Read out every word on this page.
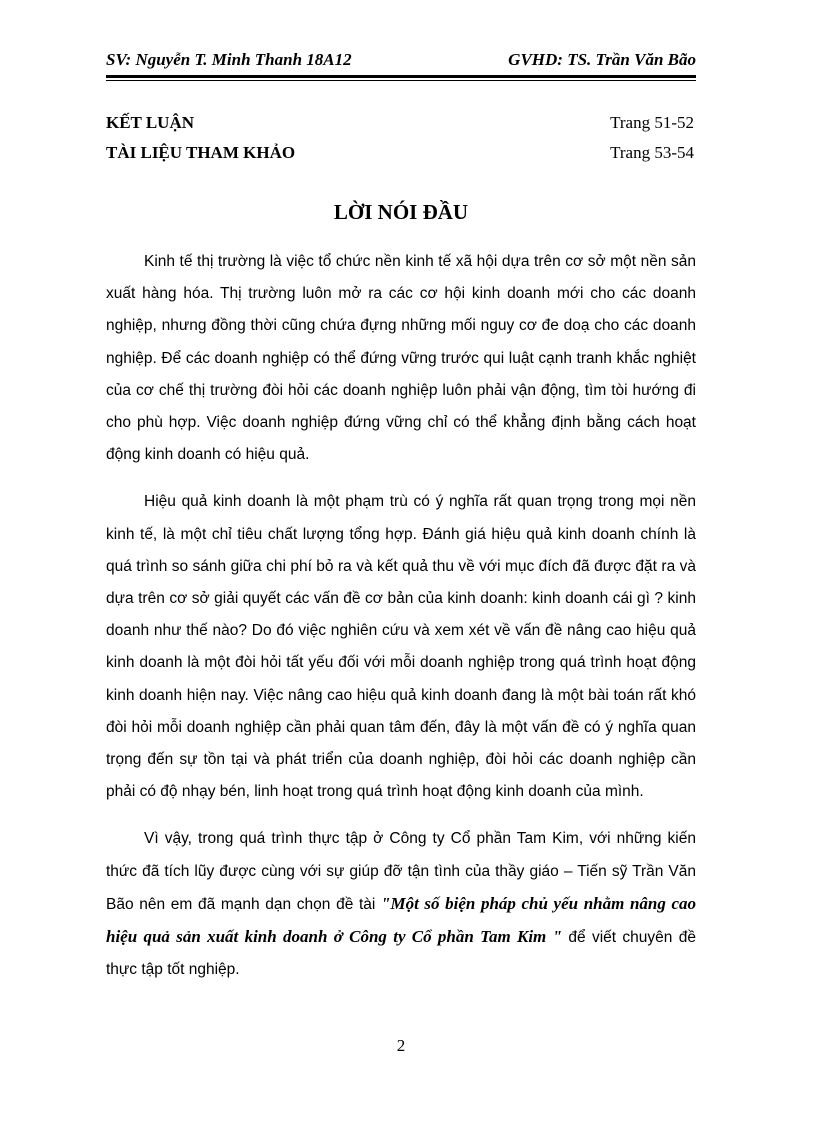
SV: Nguyễn T. Minh Thanh 18A12	GVHD: TS. Trần Văn Bão
KẾT LUẬN	Trang 51-52
TÀI LIỆU THAM KHẢO	Trang 53-54
LỜI NÓI ĐẦU

Kinh tế thị trường là việc tổ chức nền kinh tế xã hội dựa trên cơ sở một nền sản xuất hàng hóa. Thị trường luôn mở ra các cơ hội kinh doanh mới cho các doanh nghiệp, nhưng đồng thời cũng chứa đựng những mối nguy cơ đe doạ cho các doanh nghiệp. Để các doanh nghiệp có thể đứng vững trước qui luật cạnh tranh khắc nghiệt của cơ chế thị trường đòi hỏi các doanh nghiệp luôn phải vận động, tìm tòi hướng đi cho phù hợp. Việc doanh nghiệp đứng vững chỉ có thể khẳng định bằng cách hoạt động kinh doanh có hiệu quả.

Hiệu quả kinh doanh là một phạm trù có ý nghĩa rất quan trọng trong mọi nền kinh tế, là một chỉ tiêu chất lượng tổng hợp. Đánh giá hiệu quả kinh doanh chính là quá trình so sánh giữa chi phí bỏ ra và kết quả thu về với mục đích đã được đặt ra và dựa trên cơ sở giải quyết các vấn đề cơ bản của kinh doanh: kinh doanh cái gì ? kinh doanh như thế nào? Do đó việc nghiên cứu và xem xét về vấn đề nâng cao hiệu quả kinh doanh là một đòi hỏi tất yếu đối với mỗi doanh nghiệp trong quá trình hoạt động kinh doanh hiện nay. Việc nâng cao hiệu quả kinh doanh đang là một bài toán rất khó đòi hỏi mỗi doanh nghiệp cần phải quan tâm đến, đây là một vấn đề có ý nghĩa quan trọng đến sự tồn tại và phát triển của doanh nghiệp, đòi hỏi các doanh nghiệp cần phải có độ nhạy bén, linh hoạt trong quá trình hoạt động kinh doanh của mình.

Vì vậy, trong quá trình thực tập ở Công ty Cổ phần Tam Kim, với những kiến thức đã tích lũy được cùng với sự giúp đỡ tận tình của thầy giáo – Tiến sỹ Trần Văn Bão nên em đã mạnh dạn chọn đề tài "Một số biện pháp chủ yếu nhằm nâng cao hiệu quả sản xuất kinh doanh ở Công ty Cổ phần Tam Kim " để viết chuyên đề thực tập tốt nghiệp.

2
